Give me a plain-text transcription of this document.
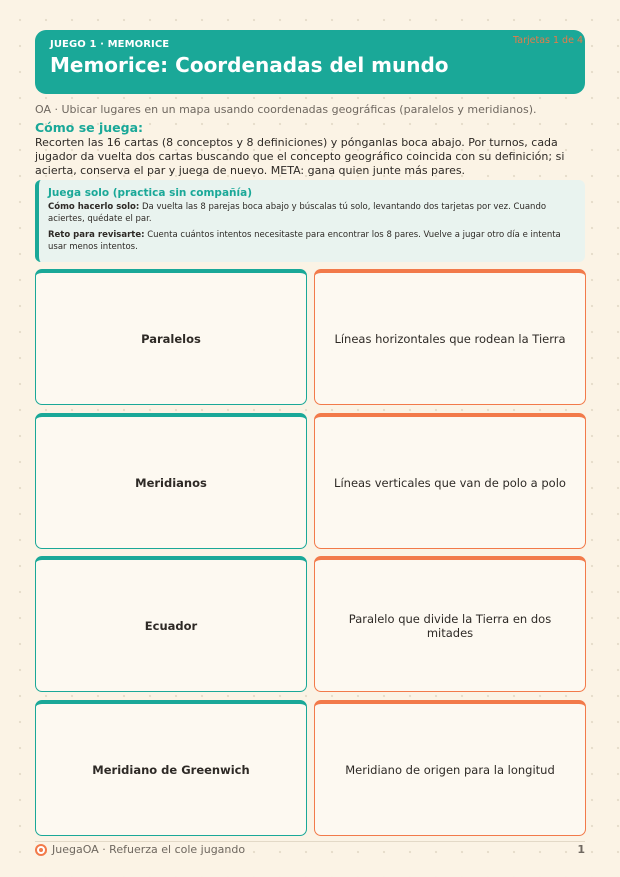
JUEGO 1 · MEMORICE
Memorice: Coordenadas del mundo
Tarjetas 1 de 4
OA · Ubicar lugares en un mapa usando coordenadas geográficas (paralelos y meridianos).
Cómo se juega:
Recorten las 16 cartas (8 conceptos y 8 definiciones) y pónganlas boca abajo. Por turnos, cada jugador da vuelta dos cartas buscando que el concepto geográfico coincida con su definición; si acierta, conserva el par y juega de nuevo. META: gana quien junte más pares.
Juega solo (practica sin compañía)

Cómo hacerlo solo: Da vuelta las 8 parejas boca abajo y búscalas tú solo, levantando dos tarjetas por vez. Cuando aciertes, quédate el par.

Reto para revisarte: Cuenta cuántos intentos necesitaste para encontrar los 8 pares. Vuelve a jugar otro día e intenta usar menos intentos.

Paralelos	Líneas horizontales que rodean la Tierra
Meridianos	Líneas verticales que van de polo a polo
Ecuador	Paralelo que divide la Tierra en dos mitades
Meridiano de Greenwich	Meridiano de origen para la longitud
JuegaOA · Refuerza el cole jugando	1
